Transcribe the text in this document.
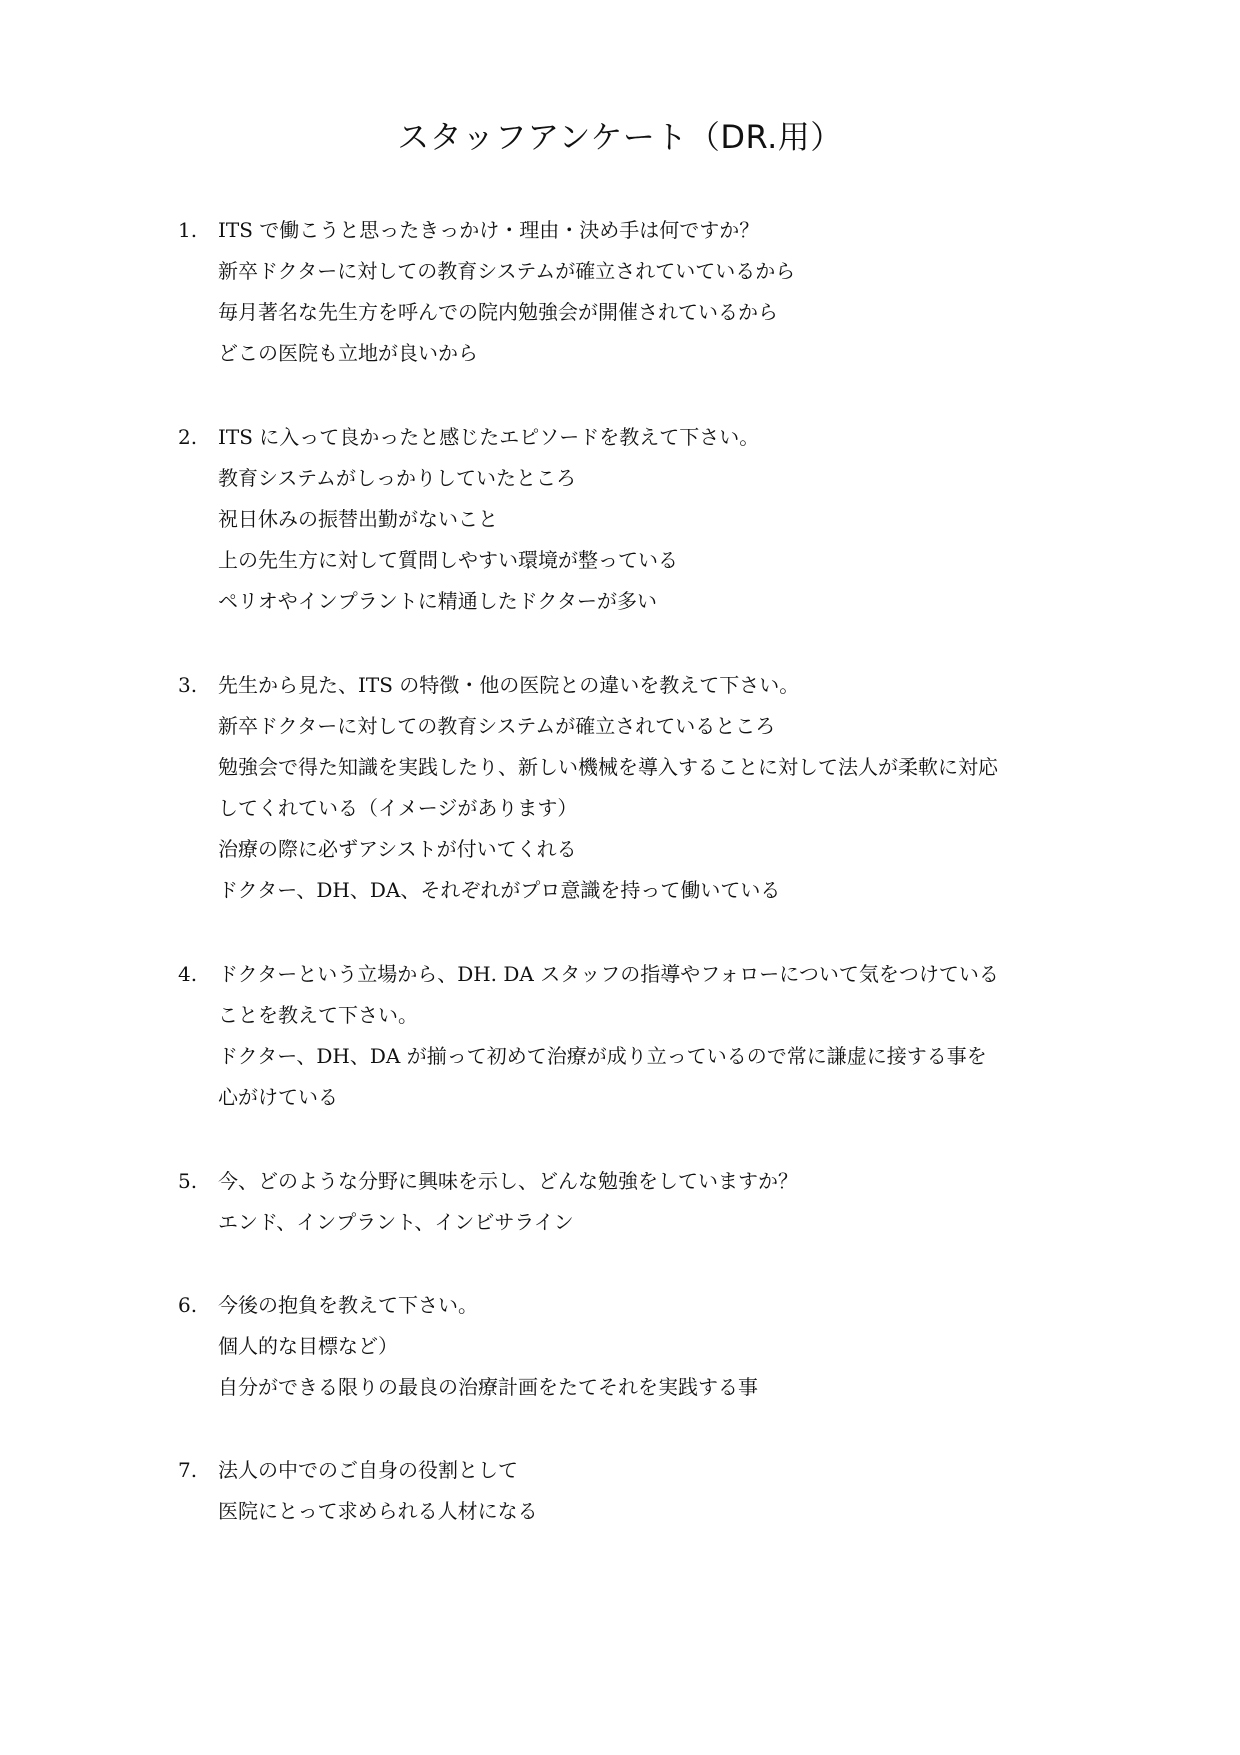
スタッフアンケート（DR.用）
1.	ITS で働こうと思ったきっかけ・理由・決め手は何ですか？
新卒ドクターに対しての教育システムが確立されていているから
毎月著名な先生方を呼んでの院内勉強会が開催されているから
どこの医院も立地が良いから
2.	ITS に入って良かったと感じたエピソードを教えて下さい。
教育システムがしっかりしていたところ
祝日休みの振替出勤がないこと
上の先生方に対して質問しやすい環境が整っている
ペリオやインプラントに精通したドクターが多い
3.	先生から見た、ITS の特徴・他の医院との違いを教えて下さい。
新卒ドクターに対しての教育システムが確立されているところ
勉強会で得た知識を実践したり、新しい機械を導入することに対して法人が柔軟に対応
してくれている（イメージがあります）
治療の際に必ずアシストが付いてくれる
ドクター、DH、DA、それぞれがプロ意識を持って働いている
4.	ドクターという立場から、DH. DA スタッフの指導やフォローについて気をつけている
ことを教えて下さい。
ドクター、DH、DA が揃って初めて治療が成り立っているので常に謙虚に接する事を
心がけている
5.	今、どのような分野に興味を示し、どんな勉強をしていますか？
エンド、インプラント、インビサライン
6.	今後の抱負を教えて下さい。
個人的な目標など）
自分ができる限りの最良の治療計画をたてそれを実践する事
7.	法人の中でのご自身の役割として
医院にとって求められる人材になる
